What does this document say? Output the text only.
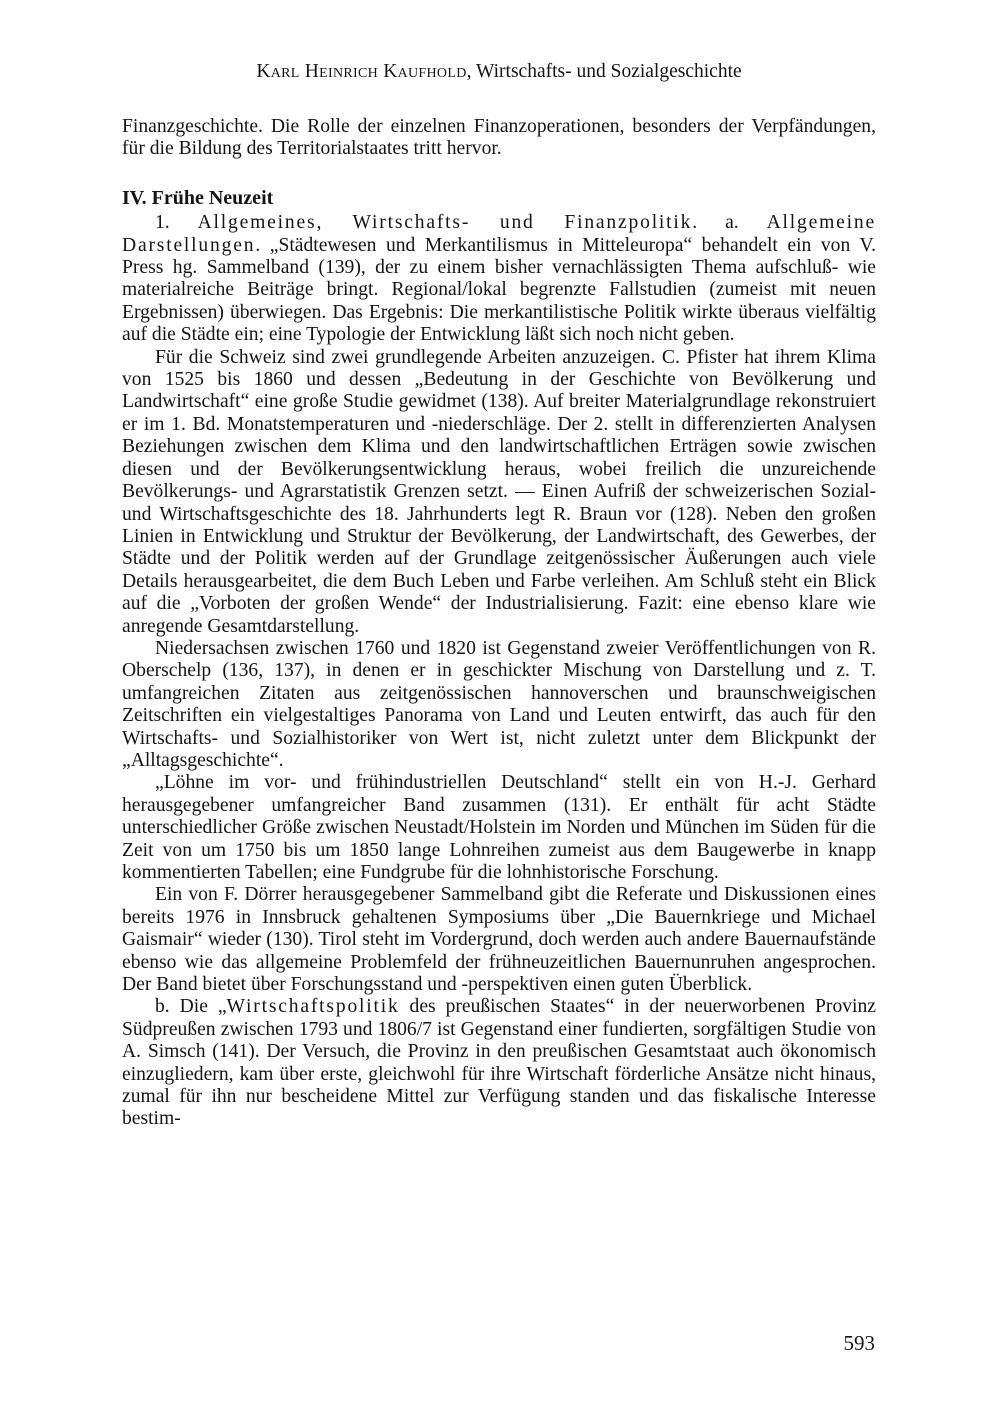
Karl Heinrich Kaufhold, Wirtschafts- und Sozialgeschichte

Finanzgeschichte. Die Rolle der einzelnen Finanzoperationen, besonders der Verpfändungen, für die Bildung des Territorialstaates tritt hervor.

IV. Frühe Neuzeit

1. Allgemeines, Wirtschafts- und Finanzpolitik. a. Allgemeine Darstellungen. „Städtewesen und Merkantilismus in Mitteleuropa“ behandelt ein von V. Press hg. Sammelband (139), der zu einem bisher vernachlässigten Thema aufschluß- wie materialreiche Beiträge bringt. Regional/lokal begrenzte Fallstudien (zumeist mit neuen Ergebnissen) überwiegen. Das Ergebnis: Die merkantilistische Politik wirkte überaus vielfältig auf die Städte ein; eine Typologie der Entwicklung läßt sich noch nicht geben.

Für die Schweiz sind zwei grundlegende Arbeiten anzuzeigen. C. Pfister hat ihrem Klima von 1525 bis 1860 und dessen „Bedeutung in der Geschichte von Bevölkerung und Landwirtschaft“ eine große Studie gewidmet (138). Auf breiter Materialgrundlage rekonstruiert er im 1. Bd. Monatstemperaturen und -niederschläge. Der 2. stellt in differenzierten Analysen Beziehungen zwischen dem Klima und den landwirtschaftlichen Erträgen sowie zwischen diesen und der Bevölkerungsentwicklung heraus, wobei freilich die unzureichende Bevölkerungs- und Agrarstatistik Grenzen setzt. — Einen Aufriß der schweizerischen Sozial- und Wirtschaftsgeschichte des 18. Jahrhunderts legt R. Braun vor (128). Neben den großen Linien in Entwicklung und Struktur der Bevölkerung, der Landwirtschaft, des Gewerbes, der Städte und der Politik werden auf der Grundlage zeitgenössischer Äußerungen auch viele Details herausgearbeitet, die dem Buch Leben und Farbe verleihen. Am Schluß steht ein Blick auf die „Vorboten der großen Wende“ der Industrialisierung. Fazit: eine ebenso klare wie anregende Gesamtdarstellung.

Niedersachsen zwischen 1760 und 1820 ist Gegenstand zweier Veröffentlichungen von R. Oberschelp (136, 137), in denen er in geschickter Mischung von Darstellung und z. T. umfangreichen Zitaten aus zeitgenössischen hannoverschen und braunschweigischen Zeitschriften ein vielgestaltiges Panorama von Land und Leuten entwirft, das auch für den Wirtschafts- und Sozialhistoriker von Wert ist, nicht zuletzt unter dem Blickpunkt der „Alltagsgeschichte“.

„Löhne im vor- und frühindustriellen Deutschland“ stellt ein von H.-J. Gerhard herausgegebener umfangreicher Band zusammen (131). Er enthält für acht Städte unterschiedlicher Größe zwischen Neustadt/Holstein im Norden und München im Süden für die Zeit von um 1750 bis um 1850 lange Lohnreihen zumeist aus dem Baugewerbe in knapp kommentierten Tabellen; eine Fundgrube für die lohnhistorische Forschung.

Ein von F. Dörrer herausgegebener Sammelband gibt die Referate und Diskussionen eines bereits 1976 in Innsbruck gehaltenen Symposiums über „Die Bauernkriege und Michael Gaismair“ wieder (130). Tirol steht im Vordergrund, doch werden auch andere Bauernaufstände ebenso wie das allgemeine Problemfeld der frühneuzeitlichen Bauernunruhen angesprochen. Der Band bietet über Forschungsstand und -perspektiven einen guten Überblick.

b. Die „Wirtschaftspolitik des preußischen Staates“ in der neuerworbenen Provinz Südpreußen zwischen 1793 und 1806/7 ist Gegenstand einer fundierten, sorgfältigen Studie von A. Simsch (141). Der Versuch, die Provinz in den preußischen Gesamtstaat auch ökonomisch einzugliedern, kam über erste, gleichwohl für ihre Wirtschaft förderliche Ansätze nicht hinaus, zumal für ihn nur bescheidene Mittel zur Verfügung standen und das fiskalische Interesse bestim-

593
